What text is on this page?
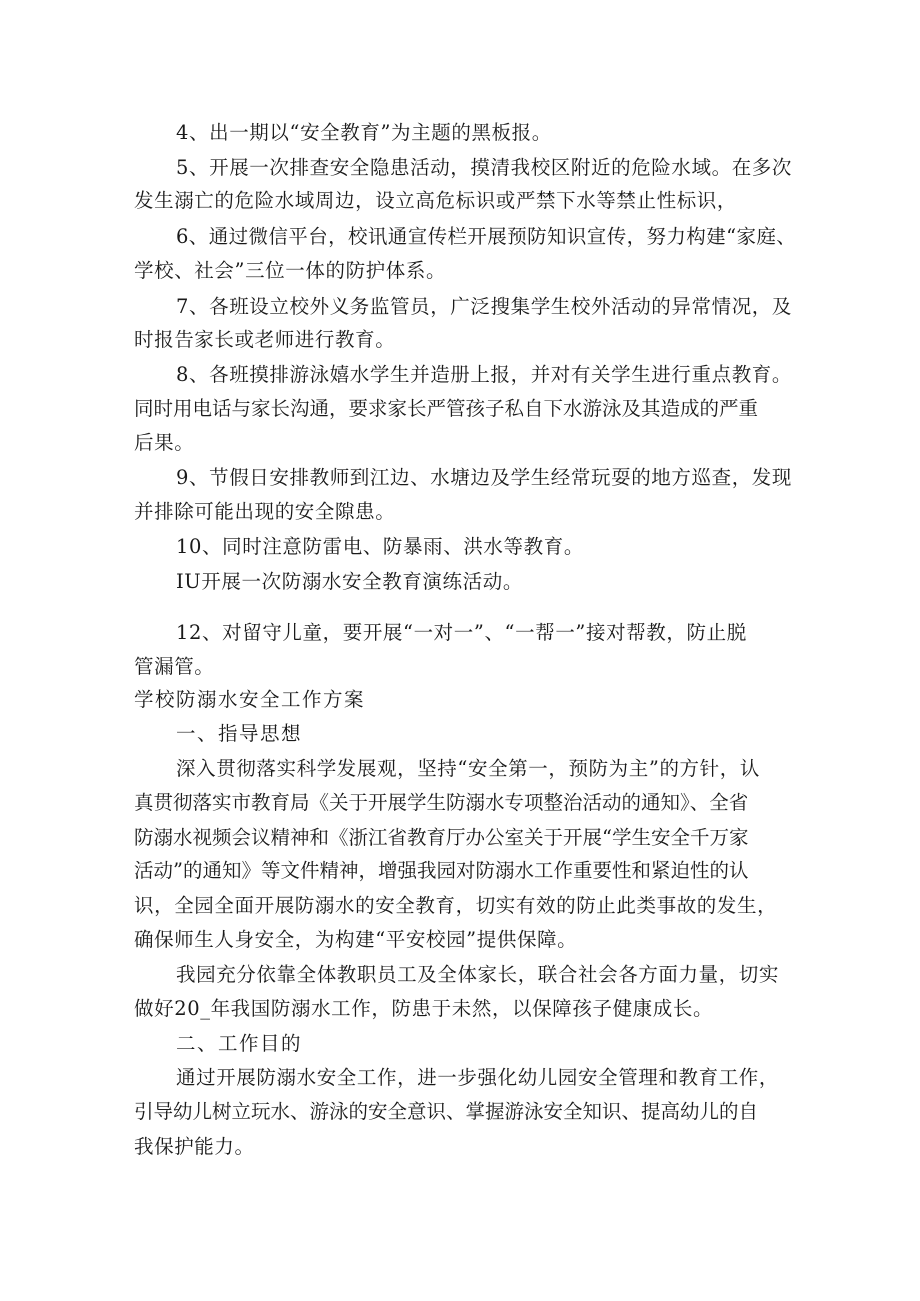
4、出一期以“安全教育”为主题的黑板报。
5、开展一次排查安全隐患活动，摸清我校区附近的危险水域。在多次
发生溺亡的危险水域周边，设立高危标识或严禁下水等禁止性标识，
6、通过微信平台，校讯通宣传栏开展预防知识宣传，努力构建“家庭、
学校、社会”三位一体的防护体系。
7、各班设立校外义务监管员，广泛搜集学生校外活动的异常情况，及
时报告家长或老师进行教育。
8、各班摸排游泳嬉水学生并造册上报，并对有关学生进行重点教育。
同时用电话与家长沟通，要求家长严管孩子私自下水游泳及其造成的严重
后果。
9、节假日安排教师到江边、水塘边及学生经常玩耍的地方巡查，发现
并排除可能出现的安全隙患。
10、同时注意防雷电、防暴雨、洪水等教育。
IU开展一次防溺水安全教育演练活动。
12、对留守儿童，要开展“一对一”、“一帮一”接对帮教，防止脱
管漏管。
学校防溺水安全工作方案
一、指导思想
深入贯彻落实科学发展观，坚持“安全第一，预防为主”的方针，认
真贯彻落实市教育局《关于开展学生防溺水专项整治活动的通知》、全省
防溺水视频会议精神和《浙江省教育厅办公室关于开展“学生安全千万家
活动”的通知》等文件精神，增强我园对防溺水工作重要性和紧迫性的认
识，全园全面开展防溺水的安全教育，切实有效的防止此类事故的发生，
确保师生人身安全，为构建“平安校园”提供保障。
我园充分依靠全体教职员工及全体家长，联合社会各方面力量，切实
做好20_年我国防溺水工作，防患于未然，以保障孩子健康成长。
二、工作目的
通过开展防溺水安全工作，进一步强化幼儿园安全管理和教育工作，
引导幼儿树立玩水、游泳的安全意识、掌握游泳安全知识、提高幼儿的自
我保护能力。
